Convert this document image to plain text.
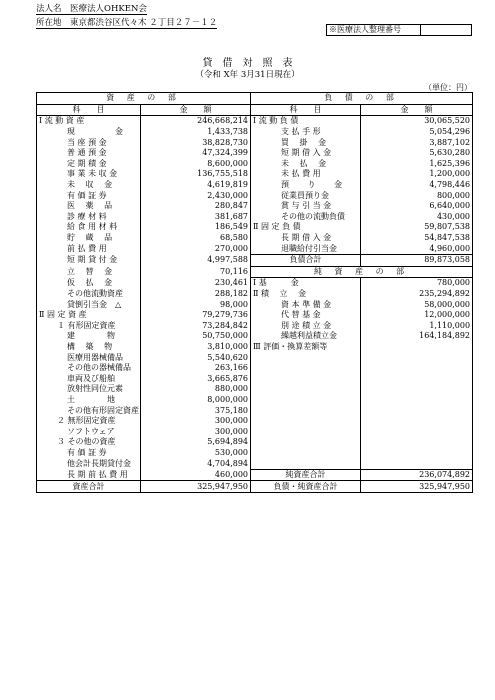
法人名　 医療法人OHKEN会
所在地　 東京都渋谷区代々木 ２丁目２７－１２
※医療法人整理番号
貸　借　対　照　表
（令和 X年 3月31日現在）
（単位：円）
資 産 の 部		負 債 の 部	
科　　目	金　　額	科　　目	金　　額
Ⅰ 流 動 資 産	246,668,214	Ⅰ 流 動 負 債	30,065,520
現　　　　　金	1,433,738	支 払 手 形	5,054,296
当 座 預 金	38,828,730	買　 掛　 金	3,887,102
普 通 預 金	47,324,399	短 期 借 入 金	5,630,280
定 期 積 金	8,600,000	未　 払　 金	1,625,396
事 業 未 収 金	136,755,518	未 払 費 用	1,200,000
未　 収　 金	4,619,819	預　　 り　　 金	4,798,446
有 価 証 券	2,430,000	従業員預り金	800,000
医　 薬　 品	280,847	賞 与 引 当 金	6,640,000
診 療 材 料	381,687	その他の流動負債	430,000
給 食 用 材 料	186,549	Ⅱ 固 定 負 債	59,807,538
貯　 蔵　 品	68,580	長 期 借 入 金	54,847,538
前 払 費 用	270,000	退職給付引当金	4,960,000
短 期 貸 付 金	4,997,588	負債合計	89,873,058
立　 替　 金	70,116	純 資 産 の 部	
仮　 払　 金	230,461	Ⅰ 基　　　金	780,000
その他流動資産	288,182	Ⅱ 積　 立　 金	235,294,892
貸倒引当金　△	98,000	資 本 準 備 金	58,000,000
Ⅱ 固 定 資 産	79,279,736	代 替 基 金	12,000,000
１ 有形固定資産	73,284,842	別 途 積 立 金	1,110,000
建　　　　物	50,750,000	繰越利益積立金	164,184,892
構　 築　 物	3,810,000	Ⅲ 評価・換算差額等	
医療用器械備品	5,540,620		
その他の器械備品	263,166		
車両及び船舶	3,665,876		
放射性同位元素	880,000		
土　　　　地	8,000,000		
その他有形固定資産	375,180		
２ 無形固定資産	300,000		
ソフトウェア	300,000		
３ その他の資産	5,694,894		
有 価 証 券	530,000		
他会計長期貸付金	4,704,894		
長 期 前 払 費 用	460,000	純資産合計	236,074,892
資産合計	325,947,950	負債・純資産合計	325,947,950
